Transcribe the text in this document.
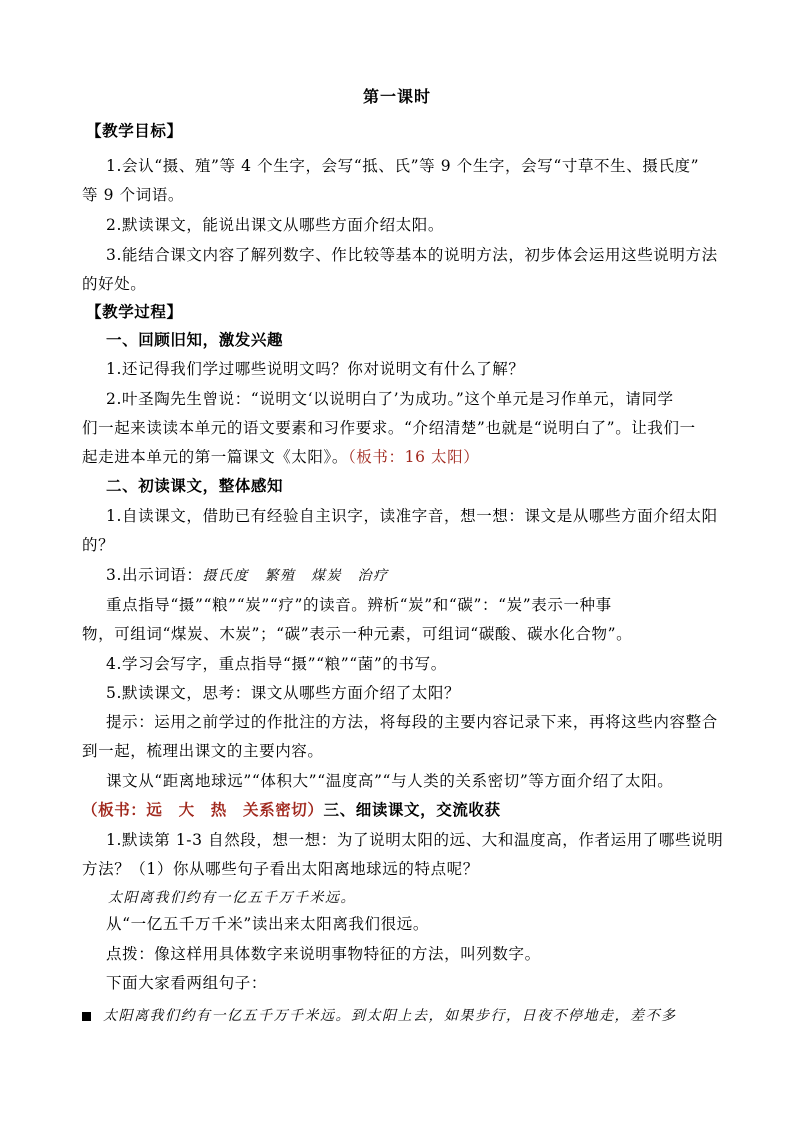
第一课时
【教学目标】
1.会认“摄、殖”等 4 个生字，会写“抵、氏”等 9 个生字，会写“寸草不生、摄氏度”
等 9 个词语。
2.默读课文，能说出课文从哪些方面介绍太阳。
3.能结合课文内容了解列数字、作比较等基本的说明方法，初步体会运用这些说明方法
的好处。
【教学过程】
一、回顾旧知，激发兴趣
1.还记得我们学过哪些说明文吗？你对说明文有什么了解？
2.叶圣陶先生曾说：“说明文‘以说明白了’为成功。”这个单元是习作单元，请同学
们一起来读读本单元的语文要素和习作要求。“介绍清楚”也就是“说明白了”。让我们一
起走进本单元的第一篇课文《太阳》。（板书：16 太阳）
二、初读课文，整体感知
1.自读课文，借助已有经验自主识字，读准字音，想一想：课文是从哪些方面介绍太阳
的？
3.出示词语：摄氏度　繁殖　煤炭　治疗
重点指导“摄”“粮”“炭”“疗”的读音。辨析“炭”和“碳”：“炭”表示一种事
物，可组词“煤炭、木炭”；“碳”表示一种元素，可组词“碳酸、碳水化合物”。
4.学习会写字，重点指导“摄”“粮”“菌”的书写。
5.默读课文，思考：课文从哪些方面介绍了太阳？
提示：运用之前学过的作批注的方法，将每段的主要内容记录下来，再将这些内容整合
到一起，梳理出课文的主要内容。
课文从“距离地球远”“体积大”“温度高”“与人类的关系密切”等方面介绍了太阳。
（板书：远　大　热　关系密切）三、细读课文，交流收获
1.默读第 1-3 自然段，想一想：为了说明太阳的远、大和温度高，作者运用了哪些说明
方法？（1）你从哪些句子看出太阳离地球远的特点呢？
太阳离我们约有一亿五千万千米远。
从“一亿五千万千米”读出来太阳离我们很远。
点拨：像这样用具体数字来说明事物特征的方法，叫列数字。
下面大家看两组句子：
太阳离我们约有一亿五千万千米远。到太阳上去，如果步行，日夜不停地走，差不多
